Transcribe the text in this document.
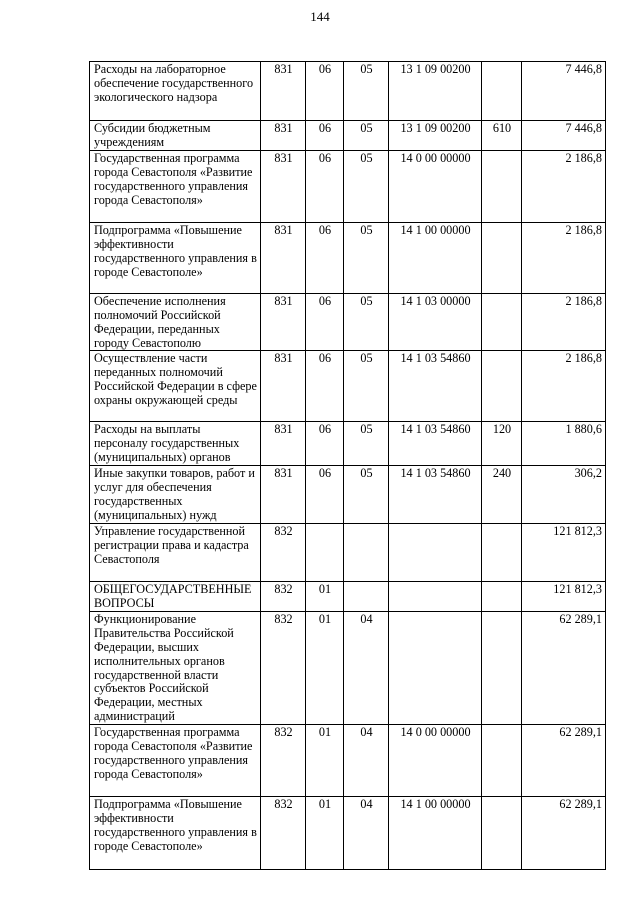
144
Расходы на лабораторное обеспечение государственного экологического надзора	831	06	05	13 1 09 00200		7 446,8
Субсидии бюджетным учреждениям	831	06	05	13 1 09 00200	610	7 446,8
Государственная программа города Севастополя «Развитие государственного управления города Севастополя»	831	06	05	14 0 00 00000		2 186,8
Подпрограмма «Повышение эффективности государственного управления в городе Севастополе»	831	06	05	14 1 00 00000		2 186,8
Обеспечение исполнения полномочий Российской Федерации, переданных городу Севастополю	831	06	05	14 1 03 00000		2 186,8
Осуществление части переданных полномочий Российской Федерации в сфере охраны окружающей среды	831	06	05	14 1 03 54860		2 186,8
Расходы на выплаты персоналу государственных (муниципальных) органов	831	06	05	14 1 03 54860	120	1 880,6
Иные закупки товаров, работ и услуг для обеспечения государственных (муниципальных) нужд	831	06	05	14 1 03 54860	240	306,2
Управление государственной регистрации права и кадастра Севастополя	832					121 812,3
ОБЩЕГОСУДАРСТВЕННЫЕ ВОПРОСЫ	832	01				121 812,3
Функционирование Правительства Российской Федерации, высших исполнительных органов государственной власти субъектов Российской Федерации, местных администраций	832	01	04			62 289,1
Государственная программа города Севастополя «Развитие государственного управления города Севастополя»	832	01	04	14 0 00 00000		62 289,1
Подпрограмма «Повышение эффективности государственного управления в городе Севастополе»	832	01	04	14 1 00 00000		62 289,1
